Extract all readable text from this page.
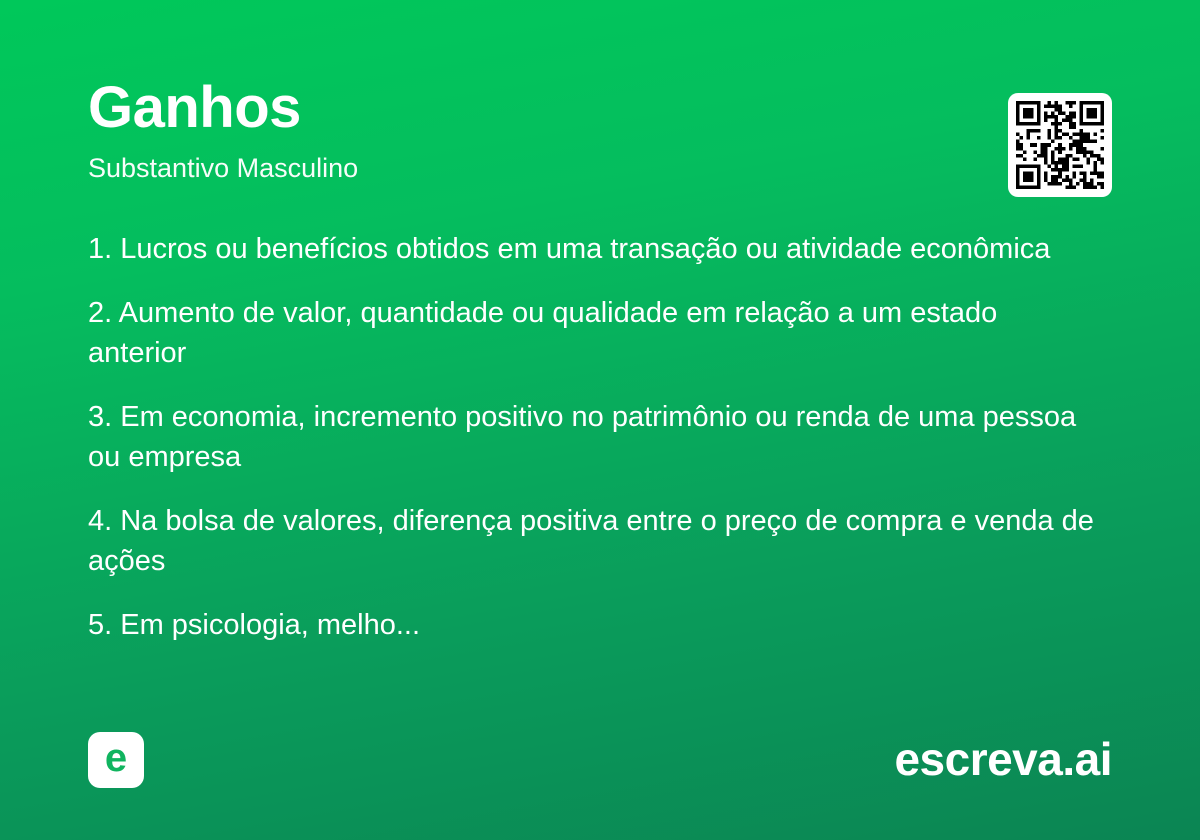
Ganhos
Substantivo Masculino
1. Lucros ou benefícios obtidos em uma transação ou atividade econômica
2. Aumento de valor, quantidade ou qualidade em relação a um estado anterior
3. Em economia, incremento positivo no patrimônio ou renda de uma pessoa ou empresa
4. Na bolsa de valores, diferença positiva entre o preço de compra e venda de ações
5. Em psicologia, melho...
e	escreva.ai
